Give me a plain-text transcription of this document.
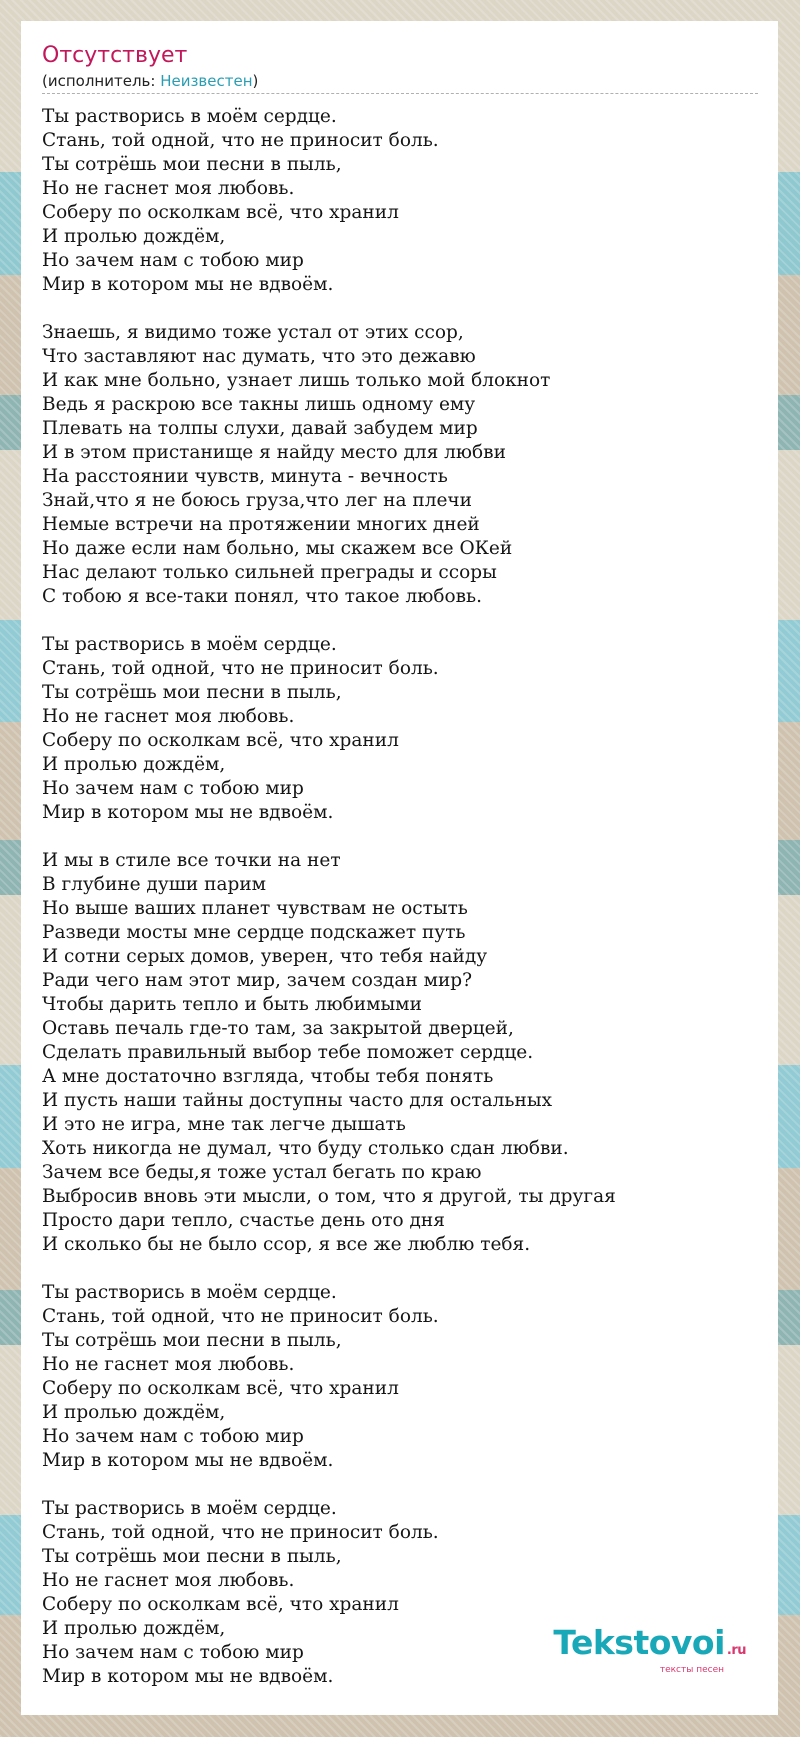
Отсутствует
(исполнитель: Неизвестен)
Ты растворись в моём сердце.
Стань, той одной, что не приносит боль.
Ты сотрёшь мои песни в пыль,
Но не гаснет моя любовь.
Соберу по осколкам всё, что хранил
И пролью дождём,
Но зачем нам с тобою мир
Мир в котором мы не вдвоём.
Знаешь, я видимо тоже устал от этих ссор,
Что заставляют нас думать, что это дежавю
И как мне больно, узнает лишь только мой блокнот
Ведь я раскрою все такны лишь одному ему
Плевать на толпы слухи, давай забудем мир
И в этом пристанище я найду место для любви
На расстоянии чувств, минута - вечность
Знай,что я не боюсь груза,что лег на плечи
Немые встречи на протяжении многих дней
Но даже если нам больно, мы скажем все ОКей
Нас делают только сильней преграды и ссоры
С тобою я все-таки понял, что такое любовь.
Ты растворись в моём сердце.
Стань, той одной, что не приносит боль.
Ты сотрёшь мои песни в пыль,
Но не гаснет моя любовь.
Соберу по осколкам всё, что хранил
И пролью дождём,
Но зачем нам с тобою мир
Мир в котором мы не вдвоём.
И мы в стиле все точки на нет
В глубине души парим
Но выше ваших планет чувствам не остыть
Разведи мосты мне сердце подскажет путь
И сотни серых домов, уверен, что тебя найду
Ради чего нам этот мир, зачем создан мир?
Чтобы дарить тепло и быть любимыми
Оставь печаль где-то там, за закрытой дверцей,
Сделать правильный выбор тебе поможет сердце.
А мне достаточно взгляда, чтобы тебя понять
И пусть наши тайны доступны часто для остальных
И это не игра, мне так легче дышать
Хоть никогда не думал, что буду столько сдан любви.
Зачем все беды,я тоже устал бегать по краю
Выбросив вновь эти мысли, о том, что я другой, ты другая
Просто дари тепло, счастье день ото дня
И сколько бы не было ссор, я все же люблю тебя.
Ты растворись в моём сердце.
Стань, той одной, что не приносит боль.
Ты сотрёшь мои песни в пыль,
Но не гаснет моя любовь.
Соберу по осколкам всё, что хранил
И пролью дождём,
Но зачем нам с тобою мир
Мир в котором мы не вдвоём.
Ты растворись в моём сердце.
Стань, той одной, что не приносит боль.
Ты сотрёшь мои песни в пыль,
Но не гаснет моя любовь.
Соберу по осколкам всё, что хранил
И пролью дождём,
Но зачем нам с тобою мир
Мир в котором мы не вдвоём.
Tekstovoi .ru
тексты песен
